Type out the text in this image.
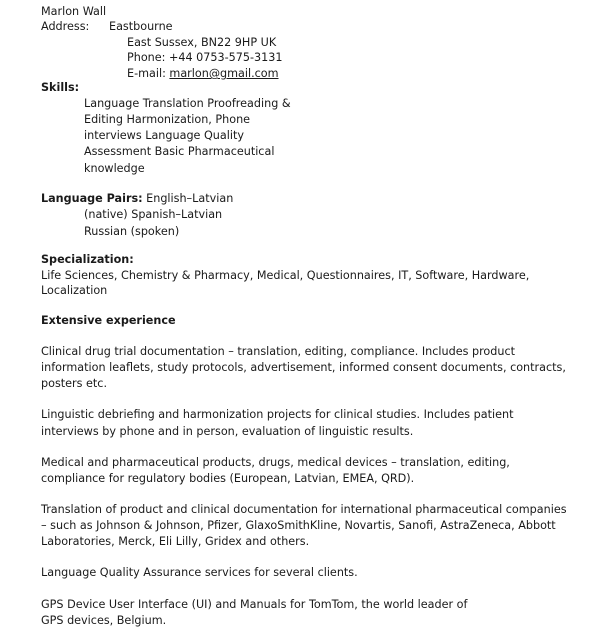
Marlon Wall
Address: Eastbourne
East Sussex, BN22 9HP UK
Phone: +44 0753-575-3131
E-mail: marlon@gmail.com
Skills:
Language Translation Proofreading &
Editing Harmonization, Phone
interviews Language Quality
Assessment Basic Pharmaceutical
knowledge
Language Pairs: English–Latvian
(native) Spanish–Latvian
Russian (spoken)
Specialization:
Life Sciences, Chemistry & Pharmacy, Medical, Questionnaires, IT, Software, Hardware,
Localization
Extensive experience
Clinical drug trial documentation – translation, editing, compliance. Includes product
information leaflets, study protocols, advertisement, informed consent documents, contracts,
posters etc.
Linguistic debriefing and harmonization projects for clinical studies. Includes patient
interviews by phone and in person, evaluation of linguistic results.
Medical and pharmaceutical products, drugs, medical devices – translation, editing,
compliance for regulatory bodies (European, Latvian, EMEA, QRD).
Translation of product and clinical documentation for international pharmaceutical companies
– such as Johnson & Johnson, Pfizer, GlaxoSmithKline, Novartis, Sanofi, AstraZeneca, Abbott
Laboratories, Merck, Eli Lilly, Gridex and others.
Language Quality Assurance services for several clients.
GPS Device User Interface (UI) and Manuals for TomTom, the world leader of
GPS devices, Belgium.
